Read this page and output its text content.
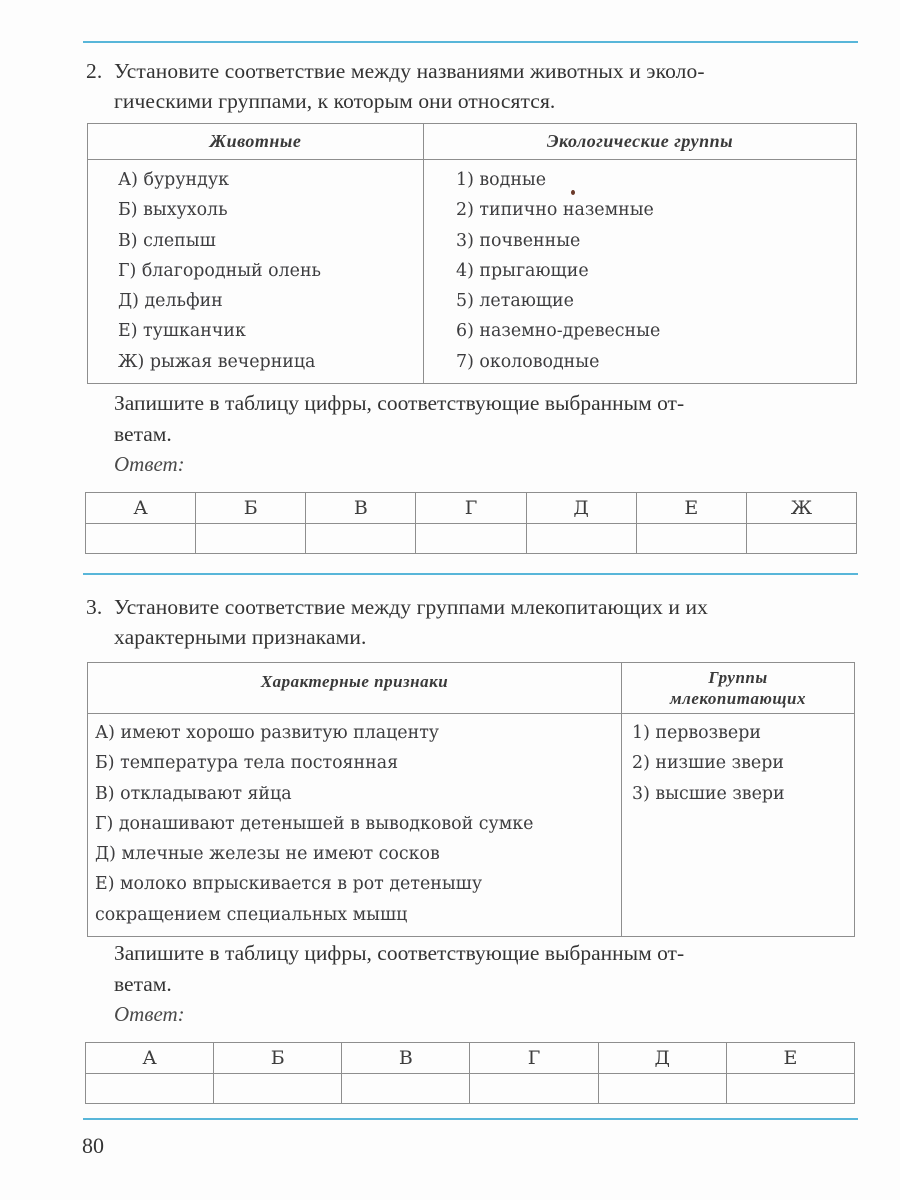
2. Установите соответствие между названиями животных и эколо-
гическими группами, к которым они относятся.
Животные	Экологические группы

А) бурундук
Б) выхухоль
В) слепыш
Г) благородный олень
Д) дельфин
Е) тушканчик
Ж) рыжая вечерница

1) водные
2) типично наземные
3) почвенные
4) прыгающие
5) летающие
6) наземно-древесные
7) околоводные
Запишите в таблицу цифры, соответствующие выбранным от-
ветам.
Ответ:
А	Б	В	Г	Д	Е	Ж

3. Установите соответствие между группами млекопитающих и их
характерными признаками.
Характерные признаки	Группы
млекопитающих

А) имеют хорошо развитую плаценту
Б) температура тела постоянная
В) откладывают яйца
Г) донашивают детенышей в выводковой сумке
Д) млечные железы не имеют сосков
Е) молоко впрыскивается в рот детенышу
сокращением специальных мышц

1) первозвери
2) низшие звери
3) высшие звери
Запишите в таблицу цифры, соответствующие выбранным от-
ветам.
Ответ:
А	Б	В	Г	Д	Е

80
